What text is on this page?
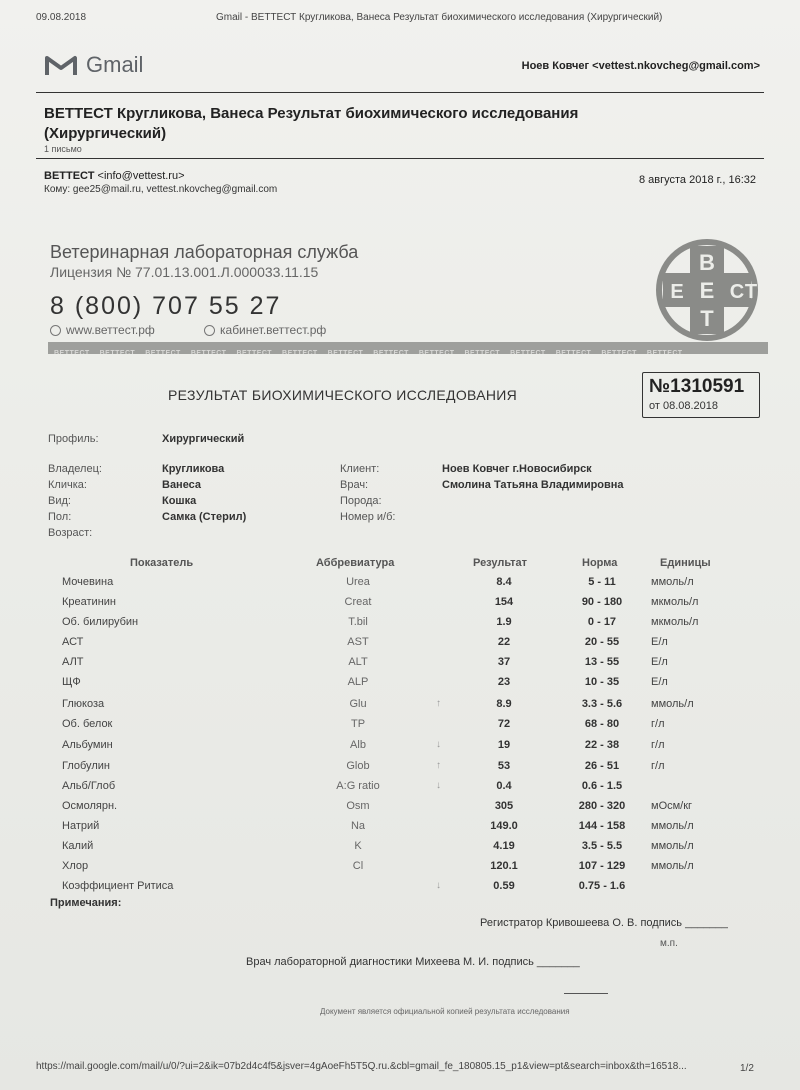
09.08.2018	Gmail - ВЕТТЕСТ Кругликова, Ванеса Результат биохимического исследования (Хирургический)
Gmail	Ноев Ковчег <vettest.nkovcheg@gmail.com>
ВЕТТЕСТ Кругликова, Ванеса Результат биохимического исследования (Хирургический)
1 письмо
ВЕТТЕСТ <info@vettest.ru>
Кому: gee25@mail.ru, vettest.nkovcheg@gmail.com
8 августа 2018 г., 16:32
Ветеринарная лабораторная служба
Лицензия № 77.01.13.001.Л.000033.11.15
8 (800) 707 55 27
www.веттест.рф	кабинет.веттест.рф
В
Е
Т
Е С Т
ВЕТТЕСТ ВЕТТЕСТ ВЕТТЕСТ ВЕТТЕСТ ВЕТТЕСТ ВЕТТЕСТ ВЕТТЕСТ ВЕТТЕСТ ВЕТТЕСТ ВЕТТЕСТ ВЕТТЕСТ ВЕТТЕСТ ВЕТТЕСТ ВЕТТЕСТ
РЕЗУЛЬТАТ БИОХИМИЧЕСКОГО ИССЛЕДОВАНИЯ	№1310591
от 08.08.2018
Профиль:	Хирургический
Владелец:	Кругликова
Кличка:	Ванеса
Вид:	Кошка
Пол:	Самка (Стерил)
Возраст:
Клиент:	Ноев Ковчег г.Новосибирск
Врач:	Смолина Татьяна Владимировна
Порода:
Номер и/б:
Показатель	Аббревиатура	Результат	Норма	Единицы
Мочевина	Urea	8.4	5 - 11	ммоль/л
Креатинин	Creat	154	90 - 180	мкмоль/л
Об. билирубин	T.bil	1.9	0 - 17	мкмоль/л
АСТ	AST	22	20 - 55	Е/л
АЛТ	ALT	37	13 - 55	Е/л
ЩФ	ALP	23	10 - 35	Е/л
Глюкоза	Glu	↑	8.9	3.3 - 5.6	ммоль/л
Об. белок	TP	72	68 - 80	г/л
Альбумин	Alb	↓	19	22 - 38	г/л
Глобулин	Glob	↑	53	26 - 51	г/л
Альб/Глоб	A:G ratio	↓	0.4	0.6 - 1.5
Осмолярн.	Osm	305	280 - 320	мОсм/кг
Натрий	Na	149.0	144 - 158	ммоль/л
Калий	K	4.19	3.5 - 5.5	ммоль/л
Хлор	Cl	120.1	107 - 129	ммоль/л
Коэффициент Ритиса	↓	0.59	0.75 - 1.6
Примечания:
Регистратор Кривошеева О. В. подпись _______
м.п.
Врач лабораторной диагностики Михеева М. И. подпись _______
Документ является официальной копией результата исследования
https://mail.google.com/mail/u/0/?ui=2&ik=07b2d4c4f5&jsver=4gAoeFh5T5Q.ru.&cbl=gmail_fe_180805.15_p1&view=pt&search=inbox&th=16518...	1/2
